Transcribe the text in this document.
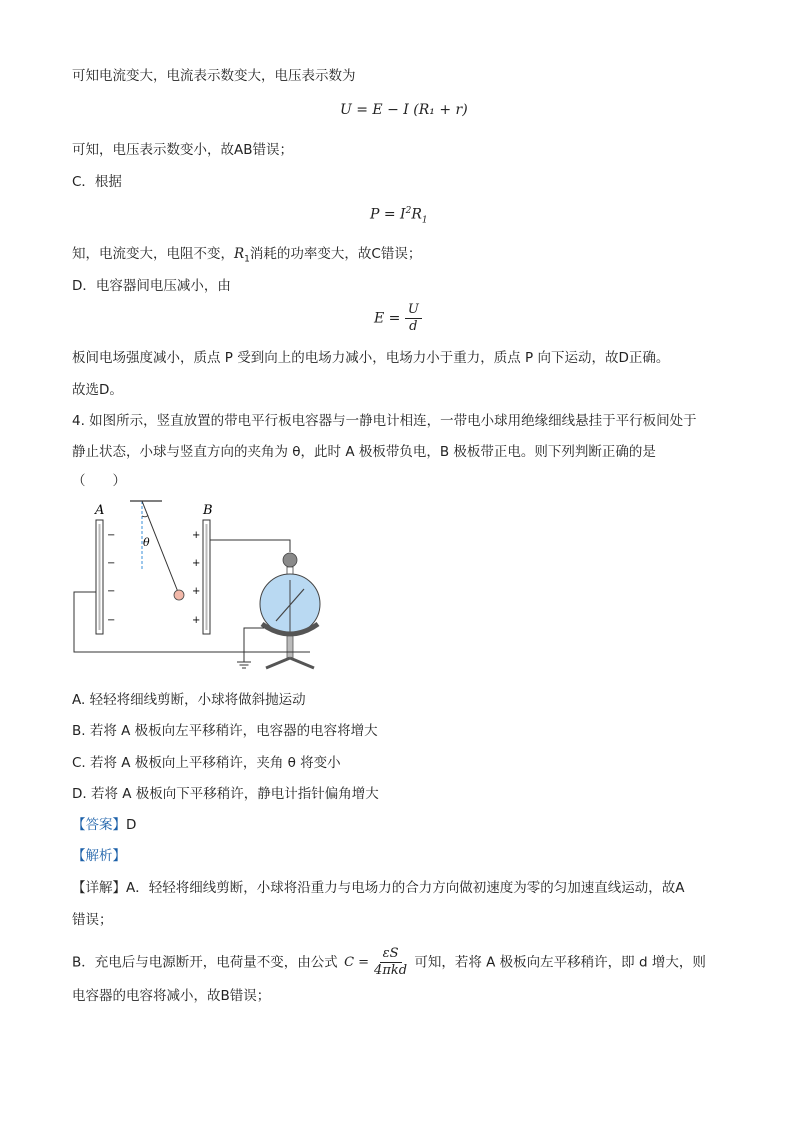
可知电流变大，电流表示数变大，电压表示数为
U = E − I (R₁ + r)
可知，电压表示数变小，故AB错误；
C．根据
$P = I^2R_1$
知，电流变大，电阻不变，$R_1$消耗的功率变大，故C错误；
D．电容器间电压减小，由
$E = \frac{U}{d}$
板间电场强度减小，质点 P 受到向上的电场力减小，电场力小于重力，质点 P 向下运动，故D正确。
故选D。
4. 如图所示，竖直放置的带电平行板电容器与一静电计相连，一带电小球用绝缘细线悬挂于平行板间处于
静止状态，小球与竖直方向的夹角为 θ，此时 A 极板带负电，B 极板带正电。则下列判断正确的是
（　　）
A
−
−
−
−
B
+
+
+
+
θ
A. 轻轻将细线剪断，小球将做斜抛运动
B. 若将 A 极板向左平移稍许，电容器的电容将增大
C. 若将 A 极板向上平移稍许，夹角 θ 将变小
D. 若将 A 极板向下平移稍许，静电计指针偏角增大
【答案】D
【解析】
【详解】A．轻轻将细线剪断，小球将沿重力与电场力的合力方向做初速度为零的匀加速直线运动，故A
错误；
B．充电后与电源断开，电荷量不变，由公式 $C = \frac{\varepsilon S}{\text{4πkd}}$ 可知，若将 A 极板向左平移稍许，即 d 增大，则
电容器的电容将减小，故B错误；
